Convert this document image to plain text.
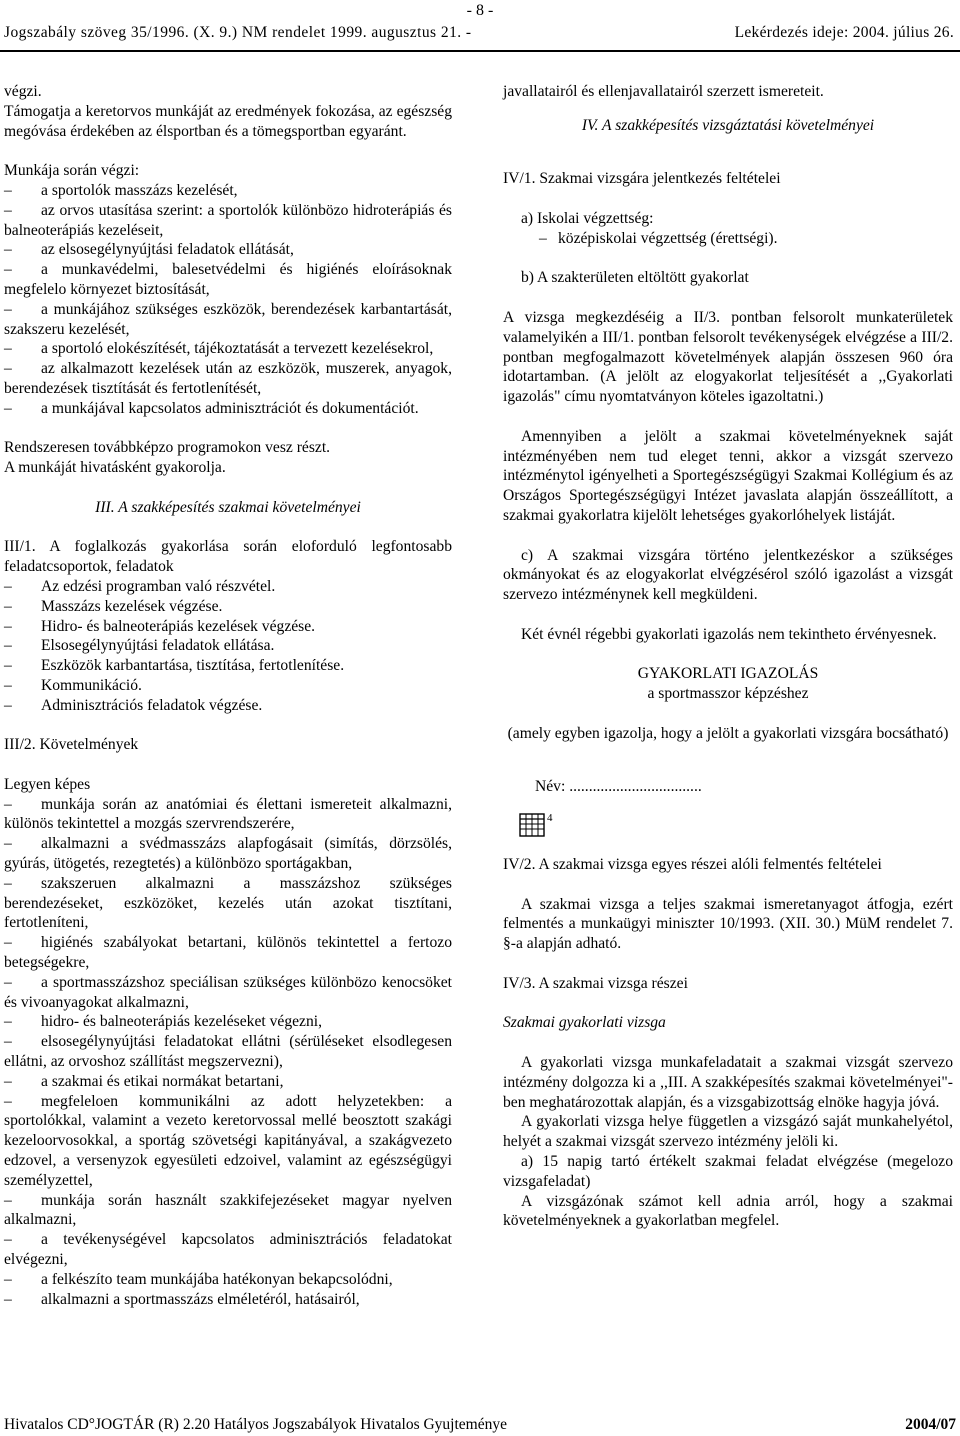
- 8 -
Jogszabály szöveg 35/1996. (X. 9.) NM rendelet 1999. augusztus 21. -	Lekérdezés ideje: 2004. július 26.

végzi.

Támogatja a keretorvos munkáját az eredmények fokozása, az egészség megóvása érdekében az élsportban és a tömegsportban egyaránt.

Munkája során végzi:

– a sportolók masszázs kezelését,

– az orvos utasítása szerint: a sportolók különbözo hidroterápiás és balneoterápiás kezeléseit,

– az elsosegélynyújtási feladatok ellátását,

– a munkavédelmi, balesetvédelmi és higiénés eloírásoknak megfelelo környezet biztosítását,

– a munkájához szükséges eszközök, berendezések karbantartását, szakszeru kezelését,

– a sportoló elokészítését, tájékoztatását a tervezett kezelésekrol,

– az alkalmazott kezelések után az eszközök, muszerek, anyagok, berendezések tisztítását és fertotlenítését,

– a munkájával kapcsolatos adminisztrációt és dokumentációt.

Rendszeresen továbbképzo programokon vesz részt.

A munkáját hivatásként gyakorolja.

III. A szakképesítés szakmai követelményei

III/1. A foglalkozás gyakorlása során eloforduló legfontosabb feladatcsoportok, feladatok

– Az edzési programban való részvétel.

– Masszázs kezelések végzése.

– Hidro- és balneoterápiás kezelések végzése.

– Elsosegélynyújtási feladatok ellátása.

– Eszközök karbantartása, tisztítása, fertotlenítése.

– Kommunikáció.

– Adminisztrációs feladatok végzése.

III/2. Követelmények

Legyen képes

– munkája során az anatómiai és élettani ismereteit alkalmazni, különös tekintettel a mozgás szervrendszerére,

– alkalmazni a svédmasszázs alapfogásait (simítás, dörzsölés, gyúrás, ütögetés, rezegtetés) a különbözo sportágakban,

– szakszeruen alkalmazni a masszázshoz szükséges berendezéseket, eszközöket, kezelés után azokat tisztítani, fertotleníteni,

– higiénés szabályokat betartani, különös tekintettel a fertozo betegségekre,

– a sportmasszázshoz speciálisan szükséges különbözo kenocsöket és vivoanyagokat alkalmazni,

– hidro- és balneoterápiás kezeléseket végezni,

– elsosegélynyújtási feladatokat ellátni (sérüléseket elsodlegesen ellátni, az orvoshoz szállítást megszervezni),

– a szakmai és etikai normákat betartani,

– megfeleloen kommunikálni az adott helyzetekben: a sportolókkal, valamint a vezeto keretorvossal mellé beosztott szakági kezeloorvosokkal, a sportág szövetségi kapitányával, a szakágvezeto edzovel, a versenyzok egyesületi edzoivel, valamint az egészségügyi személyzettel,

– munkája során használt szakkifejezéseket magyar nyelven alkalmazni,

– a tevékenységével kapcsolatos adminisztrációs feladatokat elvégezni,

– a felkészíto team munkájába hatékonyan bekapcsolódni,

– alkalmazni a sportmasszázs elméletéról, hatásairól,

javallatairól és ellenjavallatairól szerzett ismereteit.

IV. A szakképesítés vizsgáztatási követelményei

IV/1. Szakmai vizsgára jelentkezés feltételei

a) Iskolai végzettség:

– középiskolai végzettség (érettségi).

b) A szakterületen eltöltött gyakorlat

A vizsga megkezdéséig a II/3. pontban felsorolt munkaterületek valamelyikén a III/1. pontban felsorolt tevékenységek elvégzése a III/2. pontban megfogalmazott követelmények alapján összesen 960 óra idotartamban. (A jelölt az elogyakorlat teljesítését a ,,Gyakorlati igazolás" címu nyomtatványon köteles igazoltatni.)

Amennyiben a jelölt a szakmai követelményeknek saját intézményében nem tud eleget tenni, akkor a vizsgát szervezo intézménytol igényelheti a Sportegészségügyi Szakmai Kollégium és az Országos Sportegészségügyi Intézet javaslata alapján összeállított, a szakmai gyakorlatra kijelölt lehetséges gyakorlóhelyek listáját.

c) A szakmai vizsgára történo jelentkezéskor a szükséges okmányokat és az elogyakorlat elvégzésérol szóló igazolást a vizsgát szervezo intézménynek kell megküldeni.

Két évnél régebbi gyakorlati igazolás nem tekintheto érvényesnek.

GYAKORLATI IGAZOLÁS

a sportmasszor képzéshez

(amely egyben igazolja, hogy a jelölt a gyakorlati vizsgára bocsátható)

Név: ..................................

4

IV/2. A szakmai vizsga egyes részei alóli felmentés feltételei

A szakmai vizsga a teljes szakmai ismeretanyagot átfogja, ezért felmentés a munkaügyi miniszter 10/1993. (XII. 30.) MüM rendelet 7. §-a alapján adható.

IV/3. A szakmai vizsga részei

Szakmai gyakorlati vizsga

A gyakorlati vizsga munkafeladatait a szakmai vizsgát szervezo intézmény dolgozza ki a ,,III. A szakképesítés szakmai követelményei"-ben meghatározottak alapján, és a vizsgabizottság elnöke hagyja jóvá.

A gyakorlati vizsga helye független a vizsgázó saját munkahelyétol, helyét a szakmai vizsgát szervezo intézmény jelöli ki.

a) 15 napig tartó értékelt szakmai feladat elvégzése (megelozo vizsgafeladat)

A vizsgázónak számot kell adnia arról, hogy a szakmai követelményeknek a gyakorlatban megfelel.

Hivatalos CD°JOGTÁR (R) 2.20 Hatályos Jogszabályok Hivatalos Gyujteménye	2004/07
